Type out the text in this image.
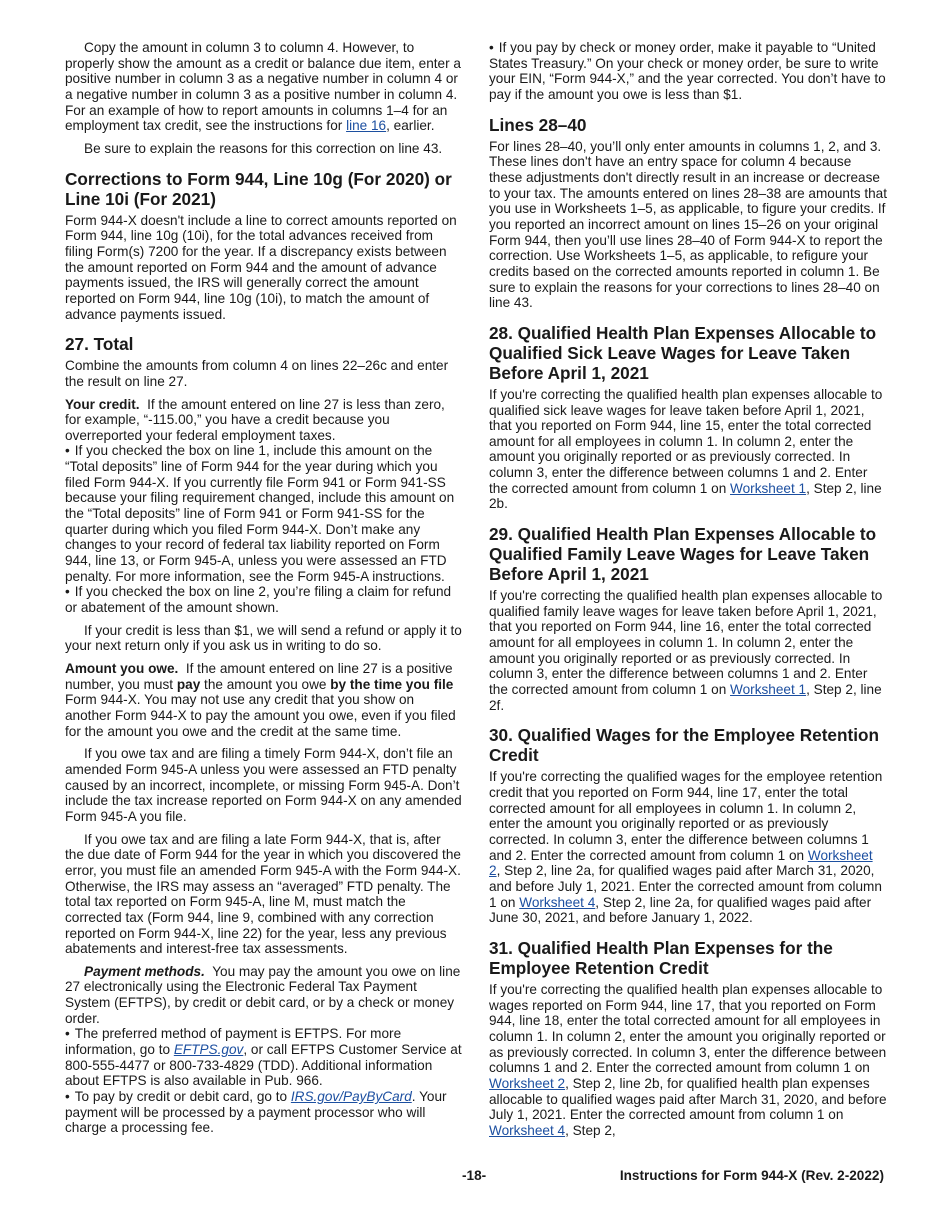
Copy the amount in column 3 to column 4. However, to properly show the amount as a credit or balance due item, enter a positive number in column 3 as a negative number in column 4 or a negative number in column 3 as a positive number in column 4. For an example of how to report amounts in columns 1–4 for an employment tax credit, see the instructions for line 16, earlier.

Be sure to explain the reasons for this correction on line 43.

Corrections to Form 944, Line 10g (For 2020) or Line 10i (For 2021)

Form 944-X doesn't include a line to correct amounts reported on Form 944, line 10g (10i), for the total advances received from filing Form(s) 7200 for the year. If a discrepancy exists between the amount reported on Form 944 and the amount of advance payments issued, the IRS will generally correct the amount reported on Form 944, line 10g (10i), to match the amount of advance payments issued.

27. Total

Combine the amounts from column 4 on lines 22–26c and enter the result on line 27.

Your credit. If the amount entered on line 27 is less than zero, for example, “-115.00,” you have a credit because you overreported your federal employment taxes.

• If you checked the box on line 1, include this amount on the “Total deposits” line of Form 944 for the year during which you filed Form 944-X. If you currently file Form 941 or Form 941-SS because your filing requirement changed, include this amount on the “Total deposits” line of Form 941 or Form 941-SS for the quarter during which you filed Form 944-X. Don’t make any changes to your record of federal tax liability reported on Form 944, line 13, or Form 945-A, unless you were assessed an FTD penalty. For more information, see the Form 945-A instructions.

• If you checked the box on line 2, you’re filing a claim for refund or abatement of the amount shown.

If your credit is less than $1, we will send a refund or apply it to your next return only if you ask us in writing to do so.

Amount you owe. If the amount entered on line 27 is a positive number, you must pay the amount you owe by the time you file Form 944-X. You may not use any credit that you show on another Form 944-X to pay the amount you owe, even if you filed for the amount you owe and the credit at the same time.

If you owe tax and are filing a timely Form 944-X, don’t file an amended Form 945-A unless you were assessed an FTD penalty caused by an incorrect, incomplete, or missing Form 945-A. Don’t include the tax increase reported on Form 944-X on any amended Form 945-A you file.

If you owe tax and are filing a late Form 944-X, that is, after the due date of Form 944 for the year in which you discovered the error, you must file an amended Form 945-A with the Form 944-X. Otherwise, the IRS may assess an “averaged” FTD penalty. The total tax reported on Form 945-A, line M, must match the corrected tax (Form 944, line 9, combined with any correction reported on Form 944-X, line 22) for the year, less any previous abatements and interest-free tax assessments.

Payment methods. You may pay the amount you owe on line 27 electronically using the Electronic Federal Tax Payment System (EFTPS), by credit or debit card, or by a check or money order.

• The preferred method of payment is EFTPS. For more information, go to EFTPS.gov, or call EFTPS Customer Service at 800-555-4477 or 800-733-4829 (TDD). Additional information about EFTPS is also available in Pub. 966.

• To pay by credit or debit card, go to IRS.gov/PayByCard. Your payment will be processed by a payment processor who will charge a processing fee.

• If you pay by check or money order, make it payable to “United States Treasury.” On your check or money order, be sure to write your EIN, “Form 944-X,” and the year corrected. You don’t have to pay if the amount you owe is less than $1.

Lines 28–40

For lines 28–40, you’ll only enter amounts in columns 1, 2, and 3. These lines don't have an entry space for column 4 because these adjustments don't directly result in an increase or decrease to your tax. The amounts entered on lines 28–38 are amounts that you use in Worksheets 1–5, as applicable, to figure your credits. If you reported an incorrect amount on lines 15–26 on your original Form 944, then you’ll use lines 28–40 of Form 944-X to report the correction. Use Worksheets 1–5, as applicable, to refigure your credits based on the corrected amounts reported in column 1. Be sure to explain the reasons for your corrections to lines 28–40 on line 43.

28. Qualified Health Plan Expenses Allocable to Qualified Sick Leave Wages for Leave Taken Before April 1, 2021

If you're correcting the qualified health plan expenses allocable to qualified sick leave wages for leave taken before April 1, 2021, that you reported on Form 944, line 15, enter the total corrected amount for all employees in column 1. In column 2, enter the amount you originally reported or as previously corrected. In column 3, enter the difference between columns 1 and 2. Enter the corrected amount from column 1 on Worksheet 1, Step 2, line 2b.

29. Qualified Health Plan Expenses Allocable to Qualified Family Leave Wages for Leave Taken Before April 1, 2021

If you're correcting the qualified health plan expenses allocable to qualified family leave wages for leave taken before April 1, 2021, that you reported on Form 944, line 16, enter the total corrected amount for all employees in column 1. In column 2, enter the amount you originally reported or as previously corrected. In column 3, enter the difference between columns 1 and 2. Enter the corrected amount from column 1 on Worksheet 1, Step 2, line 2f.

30. Qualified Wages for the Employee Retention Credit

If you're correcting the qualified wages for the employee retention credit that you reported on Form 944, line 17, enter the total corrected amount for all employees in column 1. In column 2, enter the amount you originally reported or as previously corrected. In column 3, enter the difference between columns 1 and 2. Enter the corrected amount from column 1 on Worksheet 2, Step 2, line 2a, for qualified wages paid after March 31, 2020, and before July 1, 2021. Enter the corrected amount from column 1 on Worksheet 4, Step 2, line 2a, for qualified wages paid after June 30, 2021, and before January 1, 2022.

31. Qualified Health Plan Expenses for the Employee Retention Credit

If you're correcting the qualified health plan expenses allocable to wages reported on Form 944, line 17, that you reported on Form 944, line 18, enter the total corrected amount for all employees in column 1. In column 2, enter the amount you originally reported or as previously corrected. In column 3, enter the difference between columns 1 and 2. Enter the corrected amount from column 1 on Worksheet 2, Step 2, line 2b, for qualified health plan expenses allocable to qualified wages paid after March 31, 2020, and before July 1, 2021. Enter the corrected amount from column 1 on Worksheet 4, Step 2,

-18-	Instructions for Form 944-X (Rev. 2-2022)
